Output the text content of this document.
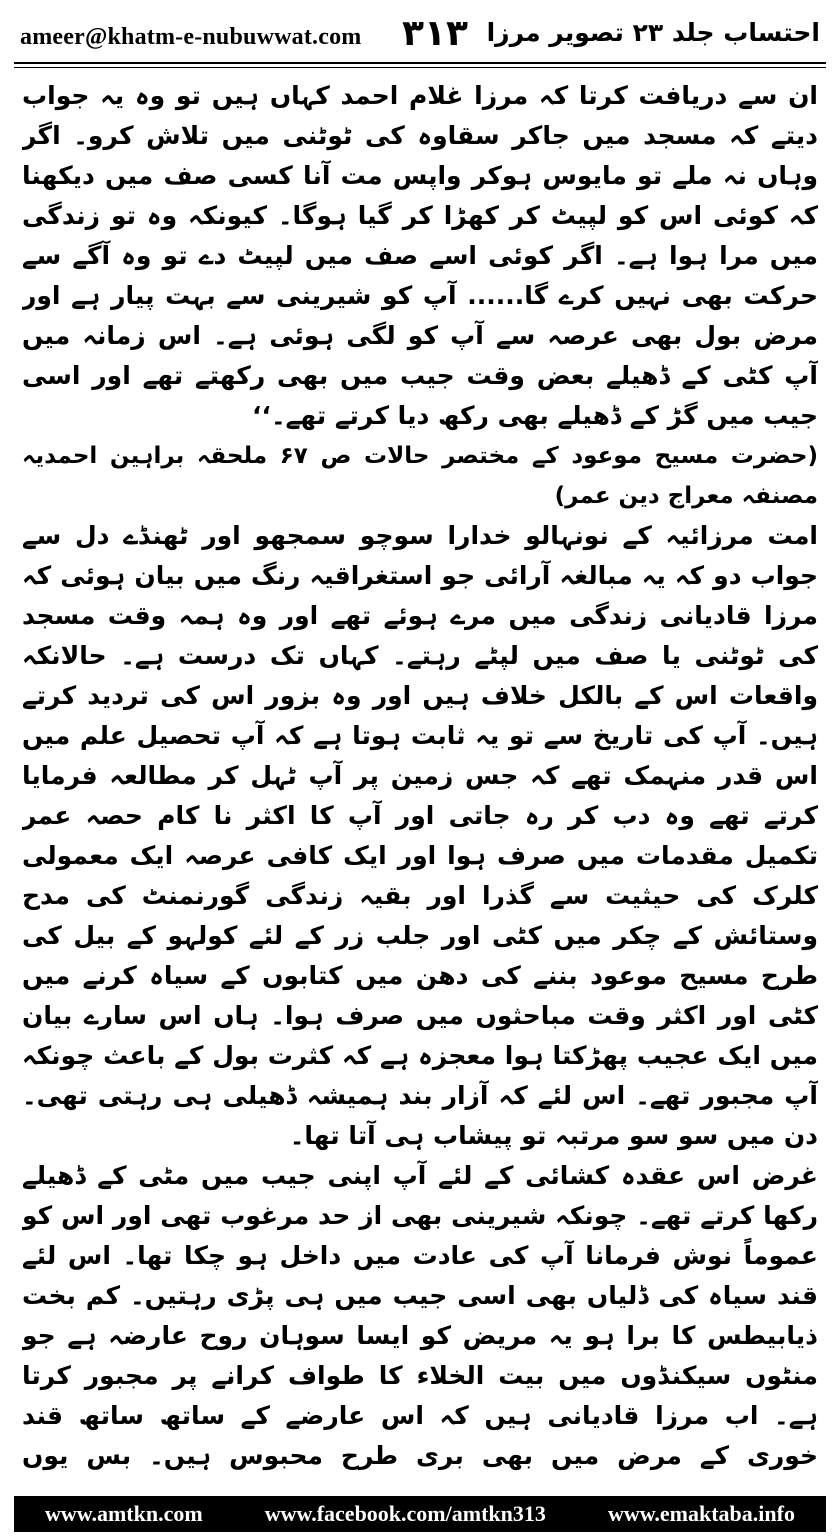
ameer@khatm-e-nubuwwat.com ۳۱۳ احتساب جلد ۲۳ تصویر مرزا

ان سے دریافت کرتا کہ مرزا غلام احمد کہاں ہیں تو وہ یہ جواب دیتے کہ مسجد میں جاکر سقاوہ کی ٹوٹنی میں تلاش کرو۔ اگر وہاں نہ ملے تو مایوس ہوکر واپس مت آنا کسی صف میں دیکھنا کہ کوئی اس کو لپیٹ کر کھڑا کر گیا ہوگا۔ کیونکہ وہ تو زندگی میں مرا ہوا ہے۔ اگر کوئی اسے صف میں لپیٹ دے تو وہ آگے سے حرکت بھی نہیں کرے گا...... آپ کو شیرینی سے بہت پیار ہے اور مرض بول بھی عرصہ سے آپ کو لگی ہوئی ہے۔ اس زمانہ میں آپ کٹی کے ڈھیلے بعض وقت جیب میں بھی رکھتے تھے اور اسی جیب میں گڑ کے ڈھیلے بھی رکھ دیا کرتے تھے۔‘‘

(حضرت مسیح موعود کے مختصر حالات ص ۶۷ ملحقہ براہین احمدیہ مصنفہ معراج دین عمر)

امت مرزائیہ کے نونہالو خدارا سوچو سمجھو اور ٹھنڈے دل سے جواب دو کہ یہ مبالغہ آرائی جو استغراقیہ رنگ میں بیان ہوئی کہ مرزا قادیانی زندگی میں مرے ہوئے تھے اور وہ ہمہ وقت مسجد کی ٹوٹنی یا صف میں لپٹے رہتے۔ کہاں تک درست ہے۔ حالانکہ واقعات اس کے بالکل خلاف ہیں اور وہ بزور اس کی تردید کرتے ہیں۔ آپ کی تاریخ سے تو یہ ثابت ہوتا ہے کہ آپ تحصیل علم میں اس قدر منہمک تھے کہ جس زمین پر آپ ٹہل کر مطالعہ فرمایا کرتے تھے وہ دب کر رہ جاتی اور آپ کا اکثر نا کام حصہ عمر تکمیل مقدمات میں صرف ہوا اور ایک کافی عرصہ ایک معمولی کلرک کی حیثیت سے گذرا اور بقیہ زندگی گورنمنٹ کی مدح وستائش کے چکر میں کٹی اور جلب زر کے لئے کولہو کے بیل کی طرح مسیح موعود بننے کی دھن میں کتابوں کے سیاہ کرنے میں کٹی اور اکثر وقت مباحثوں میں صرف ہوا۔ ہاں اس سارے بیان میں ایک عجیب پھڑکتا ہوا معجزہ ہے کہ کثرت بول کے باعث چونکہ آپ مجبور تھے۔ اس لئے کہ آزار بند ہمیشہ ڈھیلی ہی رہتی تھی۔ دن میں سو سو مرتبہ تو پیشاب ہی آتا تھا۔

غرض اس عقدہ کشائی کے لئے آپ اپنی جیب میں مٹی کے ڈھیلے رکھا کرتے تھے۔ چونکہ شیرینی بھی از حد مرغوب تھی اور اس کو عموماً نوش فرمانا آپ کی عادت میں داخل ہو چکا تھا۔ اس لئے قند سیاہ کی ڈلیاں بھی اسی جیب میں ہی پڑی رہتیں۔ کم بخت ذیابیطس کا برا ہو یہ مریض کو ایسا سوہان روح عارضہ ہے جو منٹوں سیکنڈوں میں بیت الخلاء کا طواف کرانے پر مجبور کرتا ہے۔ اب مرزا قادیانی ہیں کہ اس عارضے کے ساتھ ساتھ قند خوری کے مرض میں بھی بری طرح محبوس ہیں۔ بس یوں

www.amtkn.com	www.facebook.com/amtkn313	www.emaktaba.info
